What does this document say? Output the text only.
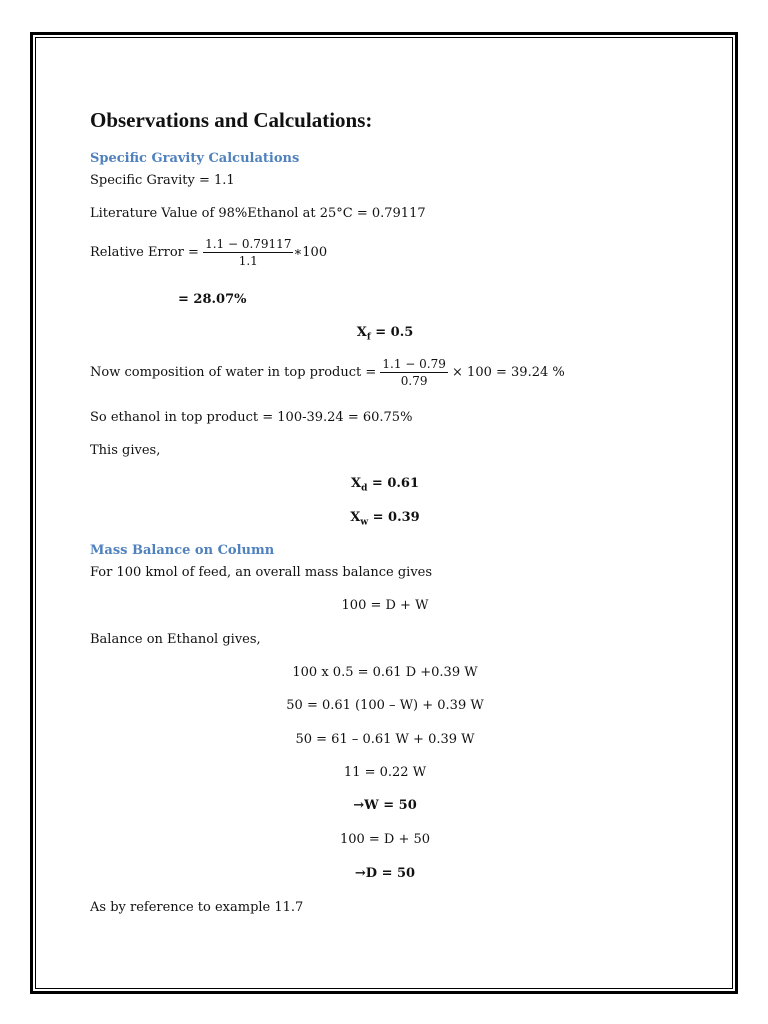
Observations and Calculations:
Specific Gravity Calculations
Specific Gravity = 1.1
Literature Value of 98%Ethanol at 25°C = 0.79117
Relative Error = $\frac{1.1 - 0.79117}{1.1}$ ∗100
= 28.07%
$X_f = 0.5$
Now composition of water in top product = $\frac{1.1 - 0.79}{0.79} \times 100 = 39.24$ %
So ethanol in top product = 100-39.24 = 60.75%
This gives,
$X_d = 0.61$
$X_w = 0.39$
Mass Balance on Column
For 100 kmol of feed, an overall mass balance gives
100 = D + W
Balance on Ethanol gives,
100 x 0.5 = 0.61 D +0.39 W
50 = 0.61 (100 – W) + 0.39 W
50 = 61 – 0.61 W + 0.39 W
11 = 0.22 W
→W = 50
100 = D + 50
→D = 50
As by reference to example 11.7
